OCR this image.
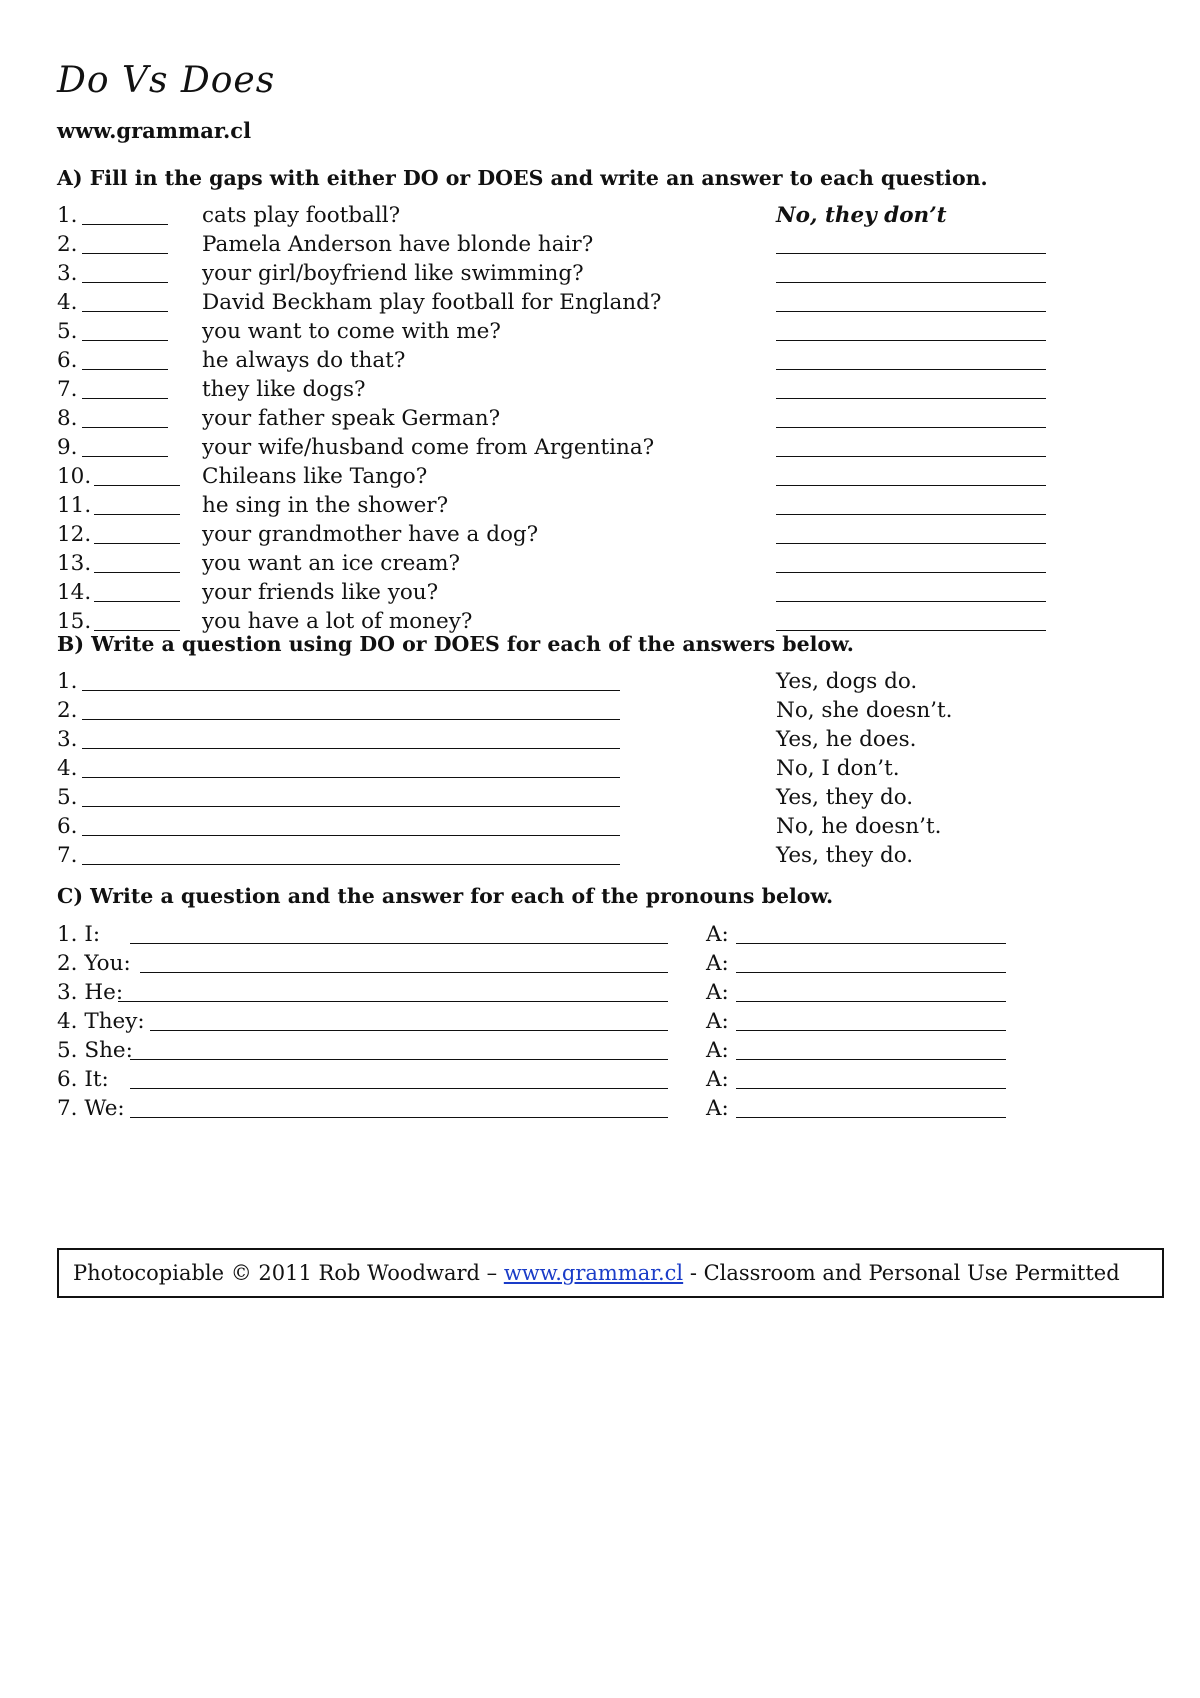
Do Vs Does
www.grammar.cl
A) Fill in the gaps with either DO or DOES and write an answer to each question.
1.	cats play football?	No, they don’t
2.	Pamela Anderson have blonde hair?
3.	your girl/boyfriend like swimming?
4.	David Beckham play football for England?
5.	you want to come with me?
6.	he always do that?
7.	they like dogs?
8.	your father speak German?
9.	your wife/husband come from Argentina?
10.	Chileans like Tango?
11.	he sing in the shower?
12.	your grandmother have a dog?
13.	you want an ice cream?
14.	your friends like you?
15.	you have a lot of money?
B) Write a question using DO or DOES for each of the answers below.
1.	Yes, dogs do.
2.	No, she doesn’t.
3.	Yes, he does.
4.	No, I don’t.
5.	Yes, they do.
6.	No, he doesn’t.
7.	Yes, they do.
C) Write a question and the answer for each of the pronouns below.
1. I:	A:
2. You:	A:
3. He:	A:
4. They:	A:
5. She:	A:
6. It:	A:
7. We:	A:
Photocopiable © 2011 Rob Woodward – www.grammar.cl - Classroom and Personal Use Permitted
